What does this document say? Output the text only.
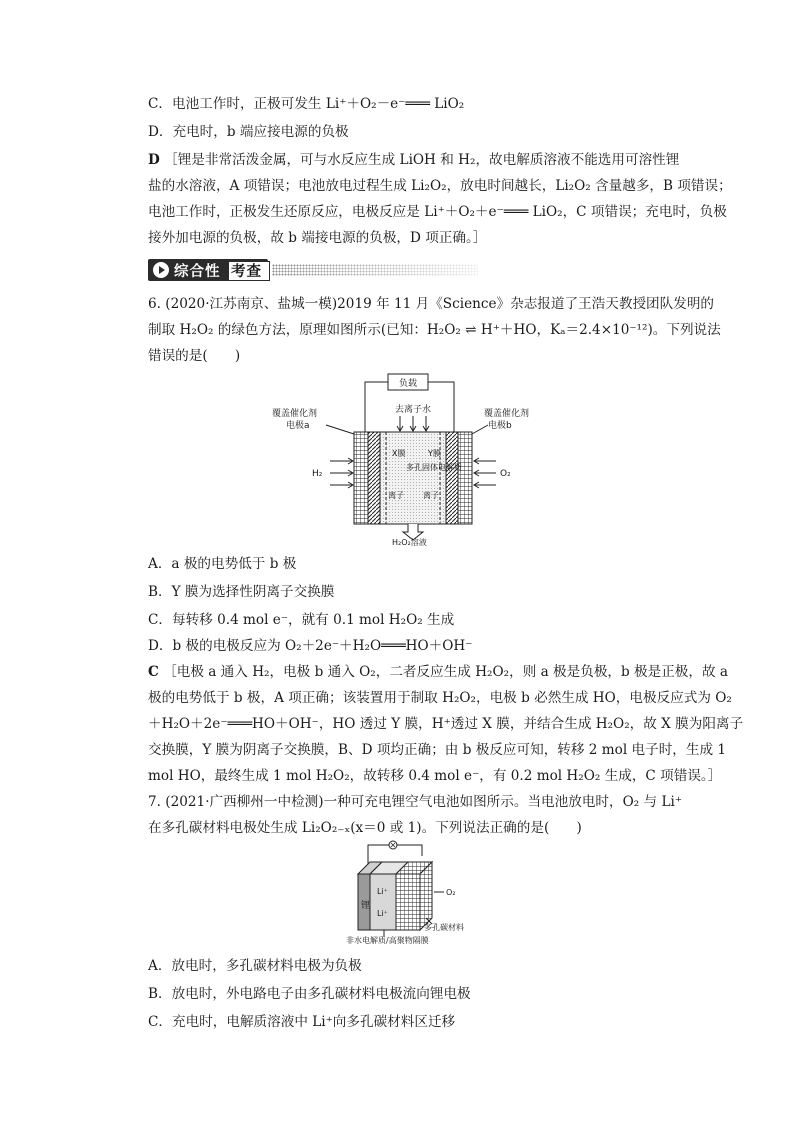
C．电池工作时，正极可发生 Li⁺＋O₂－e⁻═══ LiO₂
D．充电时，b 端应接电源的负极
D ［锂是非常活泼金属，可与水反应生成 LiOH 和 H₂，故电解质溶液不能选用可溶性锂
盐的水溶液，A 项错误；电池放电过程生成 Li₂O₂，放电时间越长，Li₂O₂ 含量越多，B 项错误；
电池工作时，正极发生还原反应，电极反应是 Li⁺＋O₂＋e⁻═══ LiO₂，C 项错误；充电时，负极
接外加电源的负极，故 b 端接电源的负极，D 项正确。］
综合性 考查
6. (2020·江苏南京、盐城一模)2019 年 11 月《Science》杂志报道了王浩天教授团队发明的
制取 H₂O₂ 的绿色方法，原理如图所示(已知：H₂O₂ ⇌ H⁺＋HO，Kₐ＝2.4×10⁻¹²)。下列说法
错误的是(　　)
负载
覆盖催化剂
电极a
覆盖催化剂
电极b
去离子水
X膜	Y膜
多孔固体电解质
离子 离子
H₂	O₂
H₂O₂溶液
A．a 极的电势低于 b 极
B．Y 膜为选择性阴离子交换膜
C．每转移 0.4 mol e⁻，就有 0.1 mol H₂O₂ 生成
D．b 极的电极反应为 O₂＋2e⁻＋H₂O═══HO＋OH⁻
C ［电极 a 通入 H₂，电极 b 通入 O₂，二者反应生成 H₂O₂，则 a 极是负极，b 极是正极，故 a
极的电势低于 b 极，A 项正确；该装置用于制取 H₂O₂，电极 b 必然生成 HO，电极反应式为 O₂
＋H₂O＋2e⁻═══HO＋OH⁻，HO 透过 Y 膜，H⁺透过 X 膜，并结合生成 H₂O₂，故 X 膜为阳离子
交换膜，Y 膜为阴离子交换膜，B、D 项均正确；由 b 极反应可知，转移 2 mol 电子时，生成 1
mol HO，最终生成 1 mol H₂O₂，故转移 0.4 mol e⁻，有 0.2 mol H₂O₂ 生成，C 项错误。］
7. (2021·广西柳州一中检测)一种可充电锂空气电池如图所示。当电池放电时，O₂ 与 Li⁺
在多孔碳材料电极处生成 Li₂O₂₋ₓ(x＝0 或 1)。下列说法正确的是(　　)
锂
Li⁺
Li⁺
O₂
多孔碳材料
非水电解质/高聚物隔膜
A．放电时，多孔碳材料电极为负极
B．放电时，外电路电子由多孔碳材料电极流向锂电极
C．充电时，电解质溶液中 Li⁺向多孔碳材料区迁移
